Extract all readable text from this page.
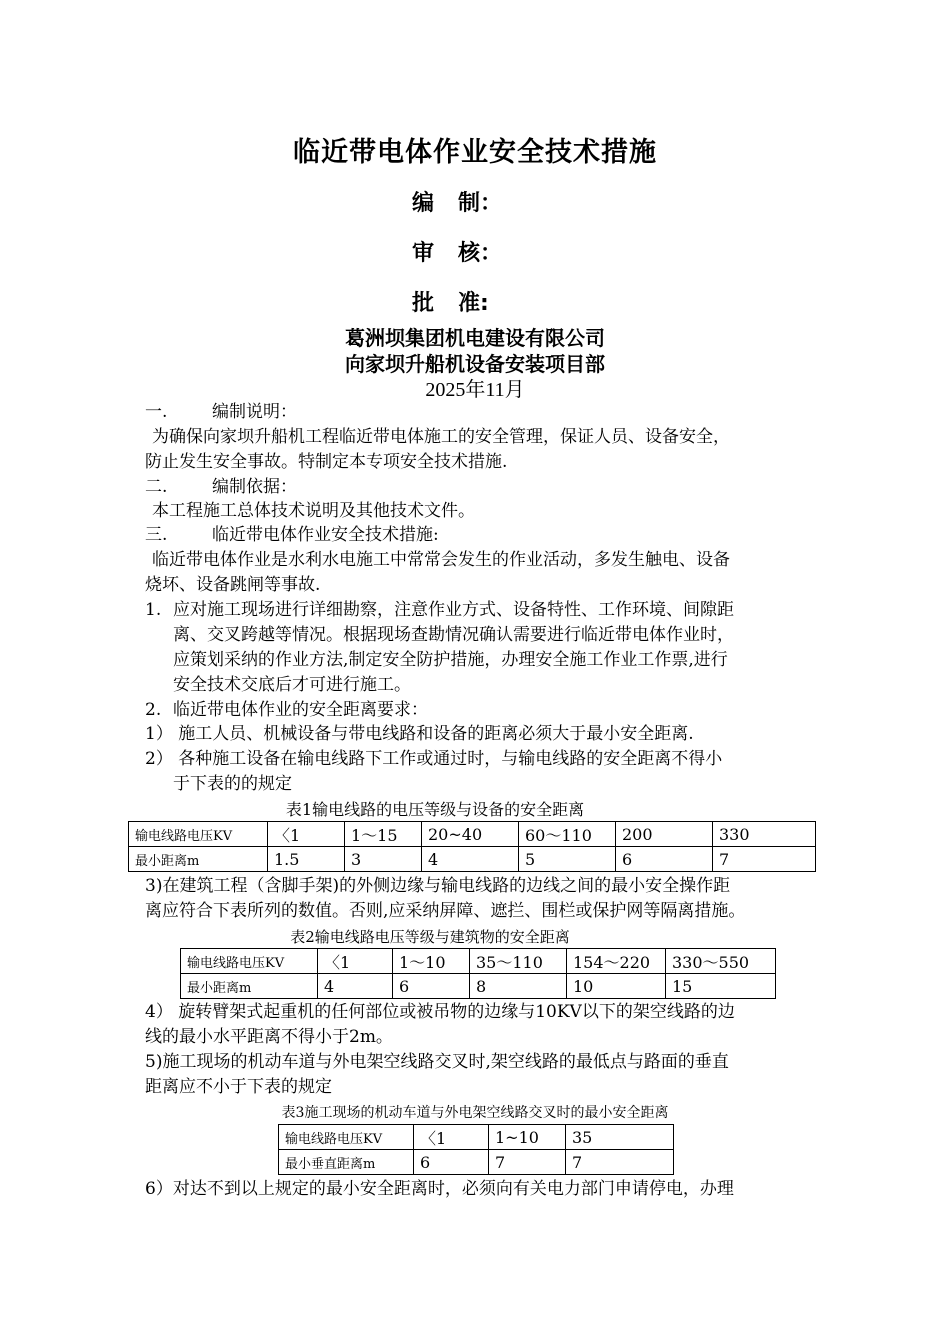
临近带电体作业安全技术措施
编 制：
审 核：
批 准:
葛洲坝集团机电建设有限公司
向家坝升船机设备安装项目部
2025年11月
一.	编制说明：
为确保向家坝升船机工程临近带电体施工的安全管理，保证人员、设备安全，
防止发生安全事故。特制定本专项安全技术措施.
二.	编制依据：
本工程施工总体技术说明及其他技术文件。
三.	临近带电体作业安全技术措施:
临近带电体作业是水利水电施工中常常会发生的作业活动，多发生触电、设备
烧坏、设备跳闸等事故.
1. 应对施工现场进行详细勘察，注意作业方式、设备特性、工作环境、间隙距
离、交叉跨越等情况。根据现场查勘情况确认需要进行临近带电体作业时，
应策划采纳的作业方法,制定安全防护措施，办理安全施工作业工作票,进行
安全技术交底后才可进行施工。
2. 临近带电体作业的安全距离要求：
1） 施工人员、机械设备与带电线路和设备的距离必须大于最小安全距离.
2） 各种施工设备在输电线路下工作或通过时，与输电线路的安全距离不得小
于下表的的规定
表1输电线路的电压等级与设备的安全距离
输电线路电压KV	〈1	1～15	20~40	60～110	200	330
最小距离m	1.5	3	4	5	6	7
3)在建筑工程（含脚手架)的外侧边缘与输电线路的边线之间的最小安全操作距
离应符合下表所列的数值。否则,应采纳屏障、遮拦、围栏或保护网等隔离措施。
表2输电线路电压等级与建筑物的安全距离
输电线路电压KV	〈1	1～10	35～110	154～220	330～550
最小距离m	4	6	8	10	15
4） 旋转臂架式起重机的任何部位或被吊物的边缘与10KV以下的架空线路的边
线的最小水平距离不得小于2m。
5)施工现场的机动车道与外电架空线路交叉时,架空线路的最低点与路面的垂直
距离应不小于下表的规定
表3施工现场的机动车道与外电架空线路交叉时的最小安全距离
输电线路电压KV	〈1	1~10	35
最小垂直距离m	6	7	7
6）对达不到以上规定的最小安全距离时，必须向有关电力部门申请停电，办理
